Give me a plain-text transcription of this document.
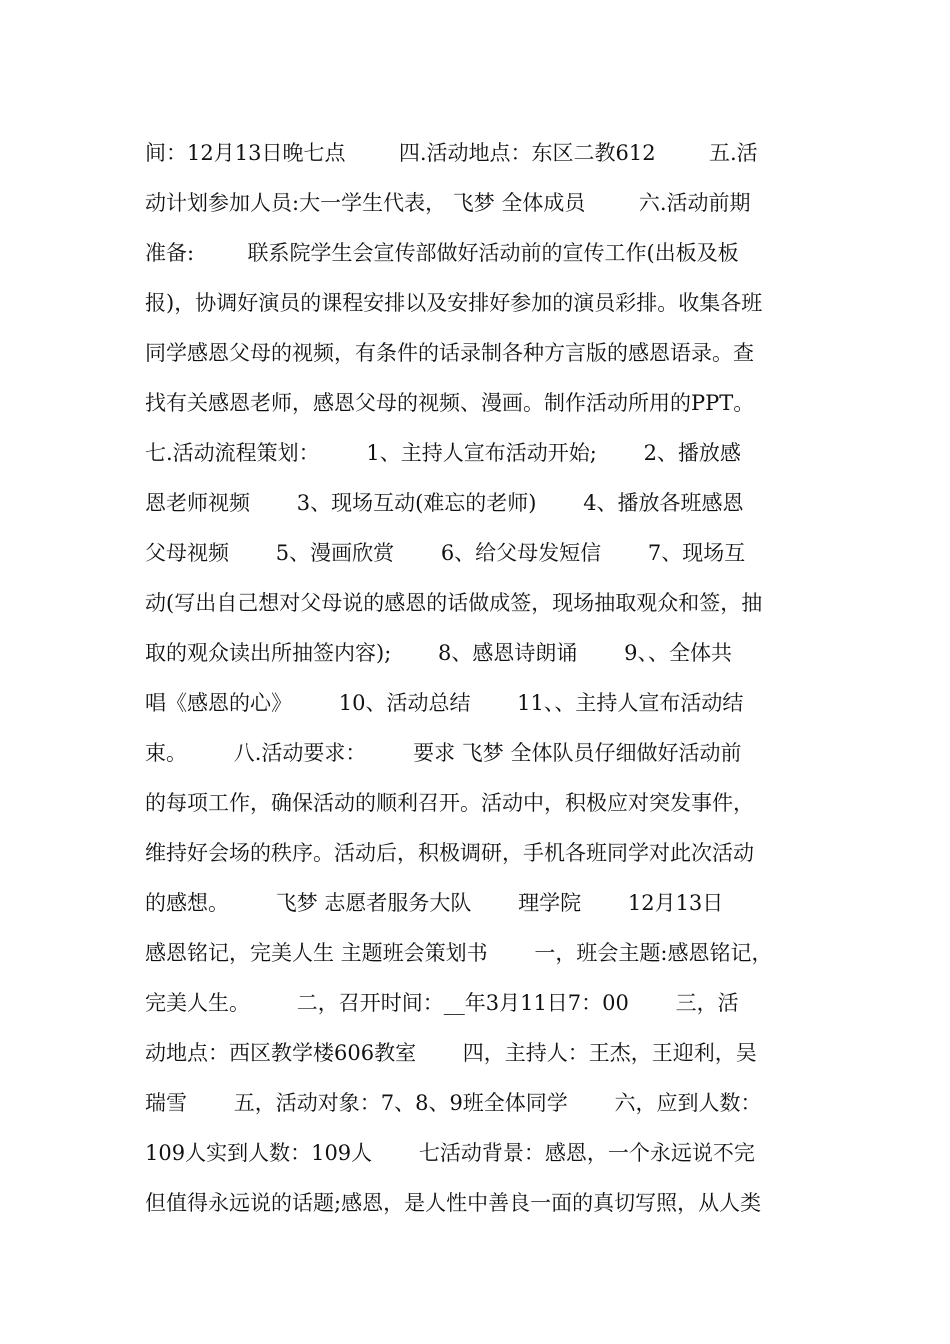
间：12月13日晚七点        四.活动地点：东区二教612        五.活
动计划参加人员:大一学生代表， 飞梦 全体成员        六.活动前期
准备:        联系院学生会宣传部做好活动前的宣传工作(出板及板
报)，协调好演员的课程安排以及安排好参加的演员彩排。收集各班
同学感恩父母的视频，有条件的话录制各种方言版的感恩语录。查
找有关感恩老师，感恩父母的视频、漫画。制作活动所用的PPT。
七.活动流程策划：       1、主持人宣布活动开始;       2、播放感
恩老师视频       3、现场互动(难忘的老师)       4、播放各班感恩
父母视频       5、漫画欣赏       6、给父母发短信       7、现场互
动(写出自己想对父母说的感恩的话做成签，现场抽取观众和签，抽
取的观众读出所抽签内容);       8、感恩诗朗诵       9、、全体共
唱《感恩的心》       10、活动总结       11、、主持人宣布活动结
束。       八.活动要求：       要求 飞梦 全体队员仔细做好活动前
的每项工作，确保活动的顺利召开。活动中，积极应对突发事件，
维持好会场的秩序。活动后，积极调研，手机各班同学对此次活动
的感想。       飞梦 志愿者服务大队       理学院       12月13日
感恩铭记，完美人生 主题班会策划书       一，班会主题:感恩铭记，
完美人生。       二，召开时间：__年3月11日7：00       三，活
动地点：西区教学楼606教室       四，主持人：王杰，王迎利，吴
瑞雪       五，活动对象：7、8、9班全体同学       六，应到人数：
109人实到人数：109人       七活动背景：感恩，一个永远说不完
但值得永远说的话题;感恩，是人性中善良一面的真切写照，从人类
